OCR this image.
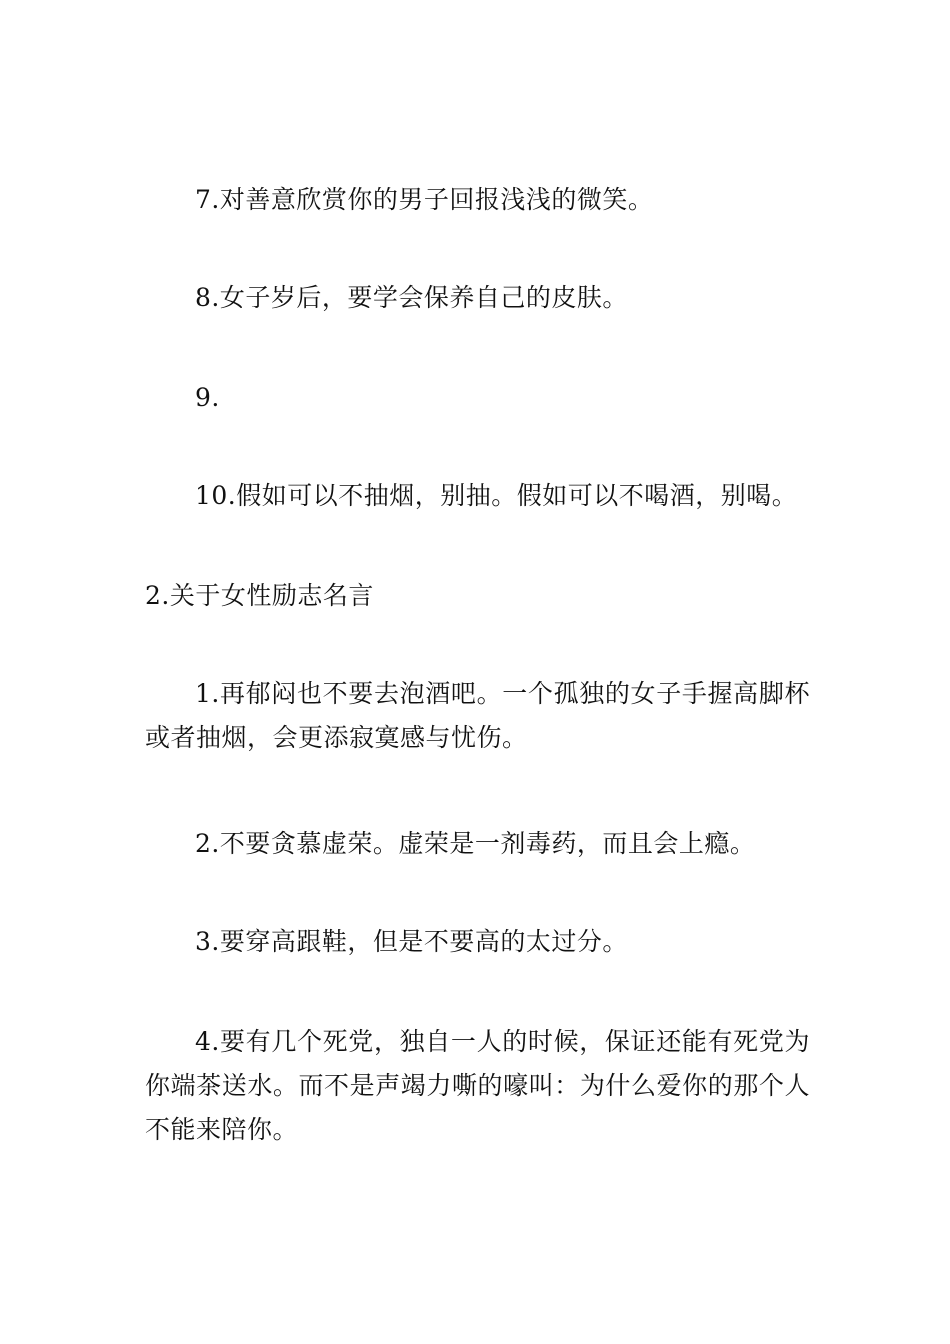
7.对善意欣赏你的男子回报浅浅的微笑。

8.女子岁后，要学会保养自己的皮肤。

9.

10.假如可以不抽烟，别抽。假如可以不喝酒，别喝。

2.关于女性励志名言

1.再郁闷也不要去泡酒吧。一个孤独的女子手握高脚杯或者抽烟，会更添寂寞感与忧伤。

2.不要贪慕虚荣。虚荣是一剂毒药，而且会上瘾。

3.要穿高跟鞋，但是不要高的太过分。

4.要有几个死党，独自一人的时候，保证还能有死党为你端茶送水。而不是声竭力嘶的嚎叫：为什么爱你的那个人不能来陪你。
